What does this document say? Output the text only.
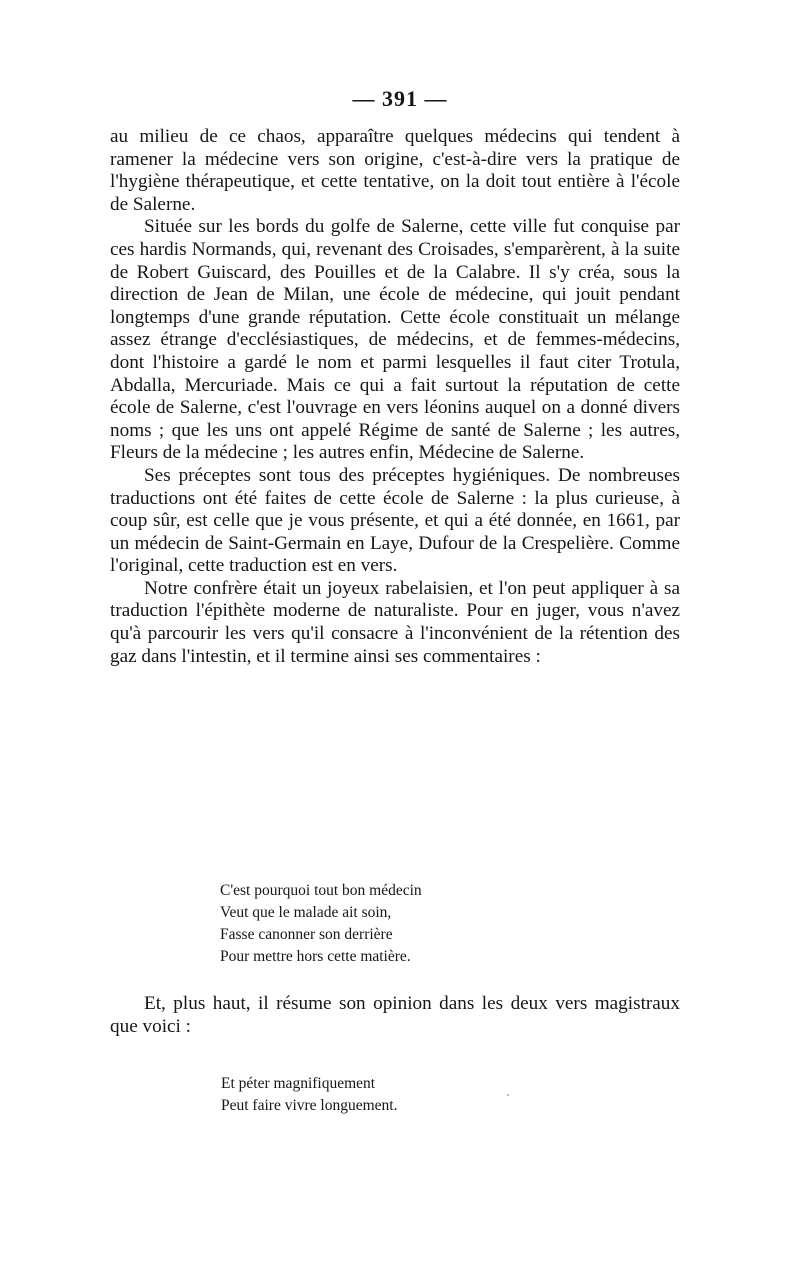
— 391 —

au milieu de ce chaos, apparaître quelques médecins qui tendent à ramener la médecine vers son origine, c'est-à-dire vers la pratique de l'hygiène thérapeutique, et cette tentative, on la doit tout entière à l'école de Salerne.

Située sur les bords du golfe de Salerne, cette ville fut conquise par ces hardis Normands, qui, revenant des Croisades, s'emparèrent, à la suite de Robert Guiscard, des Pouilles et de la Calabre. Il s'y créa, sous la direction de Jean de Milan, une école de médecine, qui jouit pendant longtemps d'une grande réputation. Cette école constituait un mélange assez étrange d'ecclésiastiques, de médecins, et de femmes-médecins, dont l'histoire a gardé le nom et parmi lesquelles il faut citer Trotula, Abdalla, Mercuriade. Mais ce qui a fait surtout la réputation de cette école de Salerne, c'est l'ouvrage en vers léonins auquel on a donné divers noms ; que les uns ont appelé Régime de santé de Salerne ; les autres, Fleurs de la médecine ; les autres enfin, Médecine de Salerne.

Ses préceptes sont tous des préceptes hygiéniques. De nombreuses traductions ont été faites de cette école de Salerne : la plus curieuse, à coup sûr, est celle que je vous présente, et qui a été donnée, en 1661, par un médecin de Saint-Germain en Laye, Dufour de la Crespelière. Comme l'original, cette traduction est en vers.

Notre confrère était un joyeux rabelaisien, et l'on peut appliquer à sa traduction l'épithète moderne de naturaliste. Pour en juger, vous n'avez qu'à parcourir les vers qu'il consacre à l'inconvénient de la rétention des gaz dans l'intestin, et il termine ainsi ses commentaires :

C'est pourquoi tout bon médecin
Veut que le malade ait soin,
Fasse canonner son derrière
Pour mettre hors cette matière.

Et, plus haut, il résume son opinion dans les deux vers magistraux que voici :

Et péter magnifiquement
Peut faire vivre longuement.	˙
